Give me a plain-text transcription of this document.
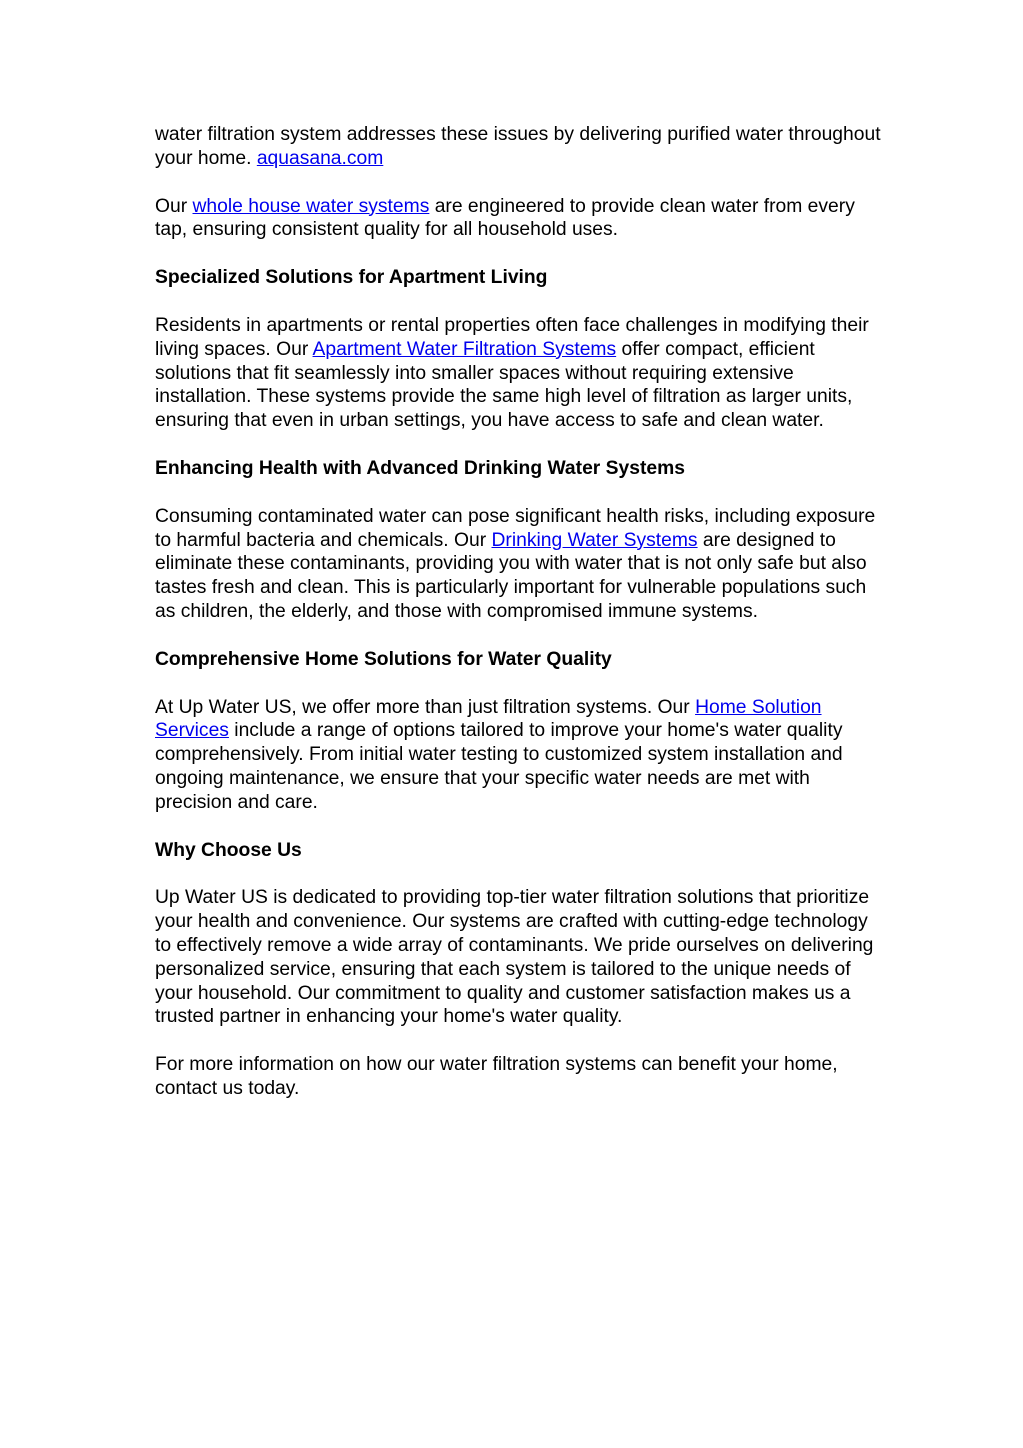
water filtration system addresses these issues by delivering purified water throughout your home. aquasana.com

Our whole house water systems are engineered to provide clean water from every tap, ensuring consistent quality for all household uses.

Specialized Solutions for Apartment Living

Residents in apartments or rental properties often face challenges in modifying their living spaces. Our Apartment Water Filtration Systems offer compact, efficient solutions that fit seamlessly into smaller spaces without requiring extensive installation. These systems provide the same high level of filtration as larger units, ensuring that even in urban settings, you have access to safe and clean water.

Enhancing Health with Advanced Drinking Water Systems

Consuming contaminated water can pose significant health risks, including exposure to harmful bacteria and chemicals. Our Drinking Water Systems are designed to eliminate these contaminants, providing you with water that is not only safe but also tastes fresh and clean. This is particularly important for vulnerable populations such as children, the elderly, and those with compromised immune systems.

Comprehensive Home Solutions for Water Quality

At Up Water US, we offer more than just filtration systems. Our Home Solution Services include a range of options tailored to improve your home's water quality comprehensively. From initial water testing to customized system installation and ongoing maintenance, we ensure that your specific water needs are met with precision and care.

Why Choose Us

Up Water US is dedicated to providing top-tier water filtration solutions that prioritize your health and convenience. Our systems are crafted with cutting-edge technology to effectively remove a wide array of contaminants. We pride ourselves on delivering personalized service, ensuring that each system is tailored to the unique needs of your household. Our commitment to quality and customer satisfaction makes us a trusted partner in enhancing your home's water quality.

For more information on how our water filtration systems can benefit your home, contact us today.
